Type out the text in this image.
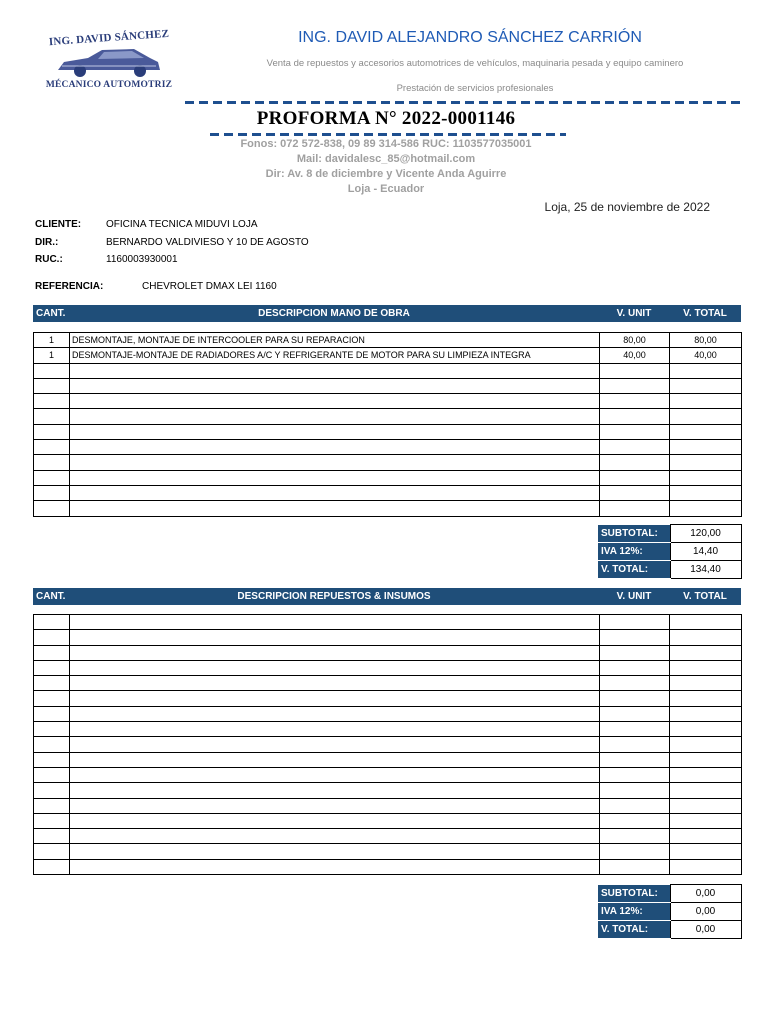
ING. DAVID SÁNCHEZ
MÉCANICO AUTOMOTRIZ
ING. DAVID ALEJANDRO SÁNCHEZ CARRIÓN
Venta de repuestos y accesorios automotrices de vehículos, maquinaria pesada y equipo caminero
Prestación de servicios profesionales
PROFORMA N° 2022-0001146
Fonos: 072 572-838, 09 89 314-586 RUC: 1103577035001
Mail: davidalesc_85@hotmail.com
Dir: Av. 8 de diciembre y Vicente Anda Aguirre
Loja - Ecuador
Loja, 25 de noviembre de 2022
CLIENTE: OFICINA TECNICA MIDUVI LOJA
DIR.:	BERNARDO VALDIVIESO Y 10 DE AGOSTO
RUC.:	1160003930001
REFERENCIA:	CHEVROLET DMAX LEI 1160
CANT.	DESCRIPCION MANO DE OBRA	V. UNIT	V. TOTAL
1	DESMONTAJE, MONTAJE DE INTERCOOLER PARA SU REPARACION	80,00	80,00
1	DESMONTAJE-MONTAJE DE RADIADORES A/C Y REFRIGERANTE DE MOTOR PARA SU LIMPIEZA INTEGRA	40,00	40,00

SUBTOTAL:	120,00
IVA 12%:	14,40
V. TOTAL:	134,40
CANT.	DESCRIPCION REPUESTOS & INSUMOS	V. UNIT	V. TOTAL

SUBTOTAL:	0,00
IVA 12%:	0,00
V. TOTAL:	0,00
